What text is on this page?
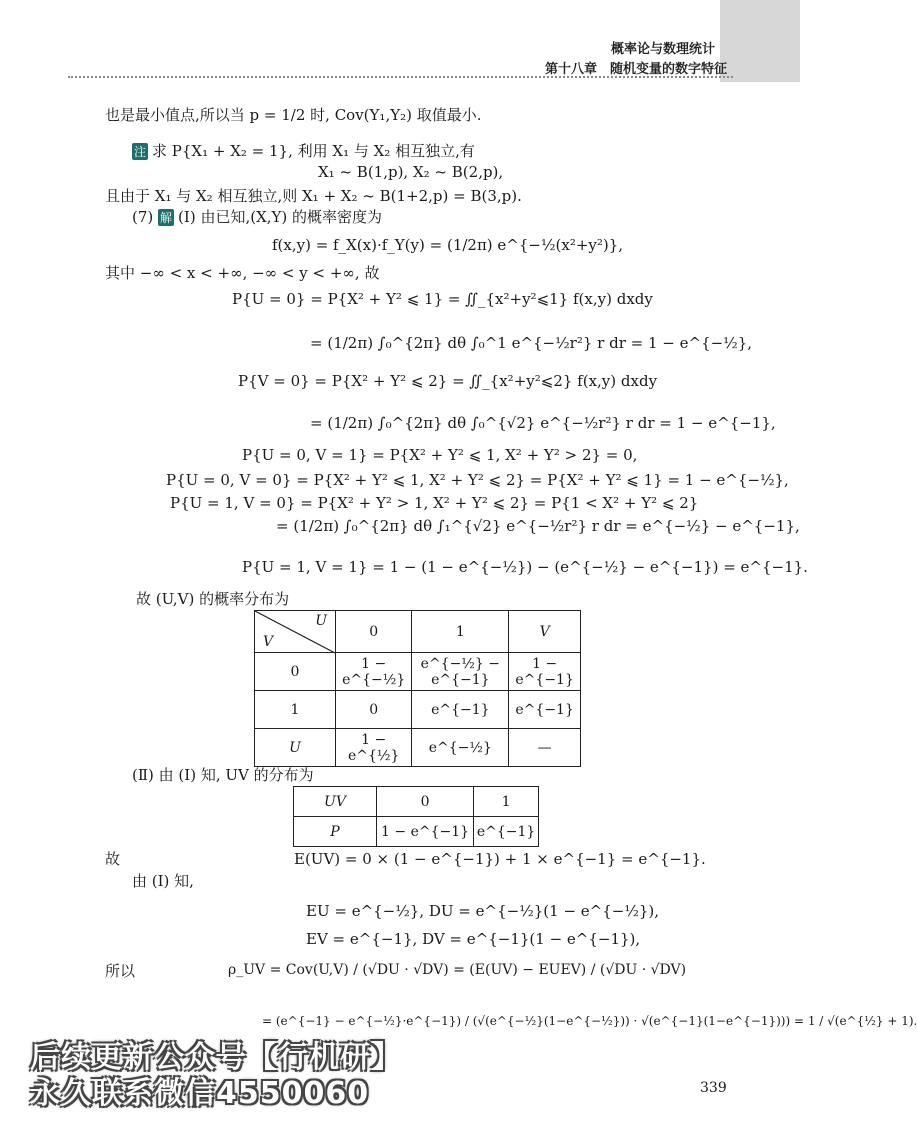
概率论与数理统计
第十八章　随机变量的数字特征
也是最小值点,所以当 p = 1/2 时, Cov(Y₁,Y₂) 取值最小.
注 求 P{X₁ + X₂ = 1}, 利用 X₁ 与 X₂ 相互独立,有
X₁ ~ B(1,p), X₂ ~ B(2,p),
且由于 X₁ 与 X₂ 相互独立,则 X₁ + X₂ ~ B(1+2,p) = B(3,p).
(7) 解 (Ⅰ) 由已知,(X,Y) 的概率密度为
f(x,y) = f_X(x)·f_Y(y) = (1/2π) e^{−½(x²+y²)},
其中 −∞ < x < +∞, −∞ < y < +∞, 故
P{U = 0} = P{X² + Y² ⩽ 1} = ∬_{x²+y²⩽1} f(x,y) dxdy
= (1/2π) ∫₀^{2π} dθ ∫₀^1 e^{−½r²} r dr = 1 − e^{−½},
P{V = 0} = P{X² + Y² ⩽ 2} = ∬_{x²+y²⩽2} f(x,y) dxdy
= (1/2π) ∫₀^{2π} dθ ∫₀^{√2} e^{−½r²} r dr = 1 − e^{−1},
P{U = 0, V = 1} = P{X² + Y² ⩽ 1, X² + Y² > 2} = 0,
P{U = 0, V = 0} = P{X² + Y² ⩽ 1, X² + Y² ⩽ 2} = P{X² + Y² ⩽ 1} = 1 − e^{−½},
P{U = 1, V = 0} = P{X² + Y² > 1, X² + Y² ⩽ 2} = P{1 < X² + Y² ⩽ 2}
= (1/2π) ∫₀^{2π} dθ ∫₁^{√2} e^{−½r²} r dr = e^{−½} − e^{−1},
P{U = 1, V = 1} = 1 − (1 − e^{−½}) − (e^{−½} − e^{−1}) = e^{−1}.
故 (U,V) 的概率分布为
U
V	0	1	V
0	1 − e^{−½}	e^{−½} − e^{−1}	1 − e^{−1}
1	0	e^{−1}	e^{−1}
U	1 − e^{½}	e^{−½}	—
(Ⅱ) 由 (Ⅰ) 知, UV 的分布为
UV	0	1
P	1 − e^{−1}	e^{−1}
故	E(UV) = 0 × (1 − e^{−1}) + 1 × e^{−1} = e^{−1}.
由 (Ⅰ) 知,
EU = e^{−½}, DU = e^{−½}(1 − e^{−½}),
EV = e^{−1}, DV = e^{−1}(1 − e^{−1}),
所以	ρ_UV = Cov(U,V) / (√DU · √DV) = (E(UV) − EUEV) / (√DU · √DV)
= (e^{−1} − e^{−½}·e^{−1}) / (√(e^{−½}(1−e^{−½})) · √(e^{−1}(1−e^{−1}))) = 1 / √(e^{½} + 1).
后续更新公众号【行机研】
永久联系微信4550060	339
